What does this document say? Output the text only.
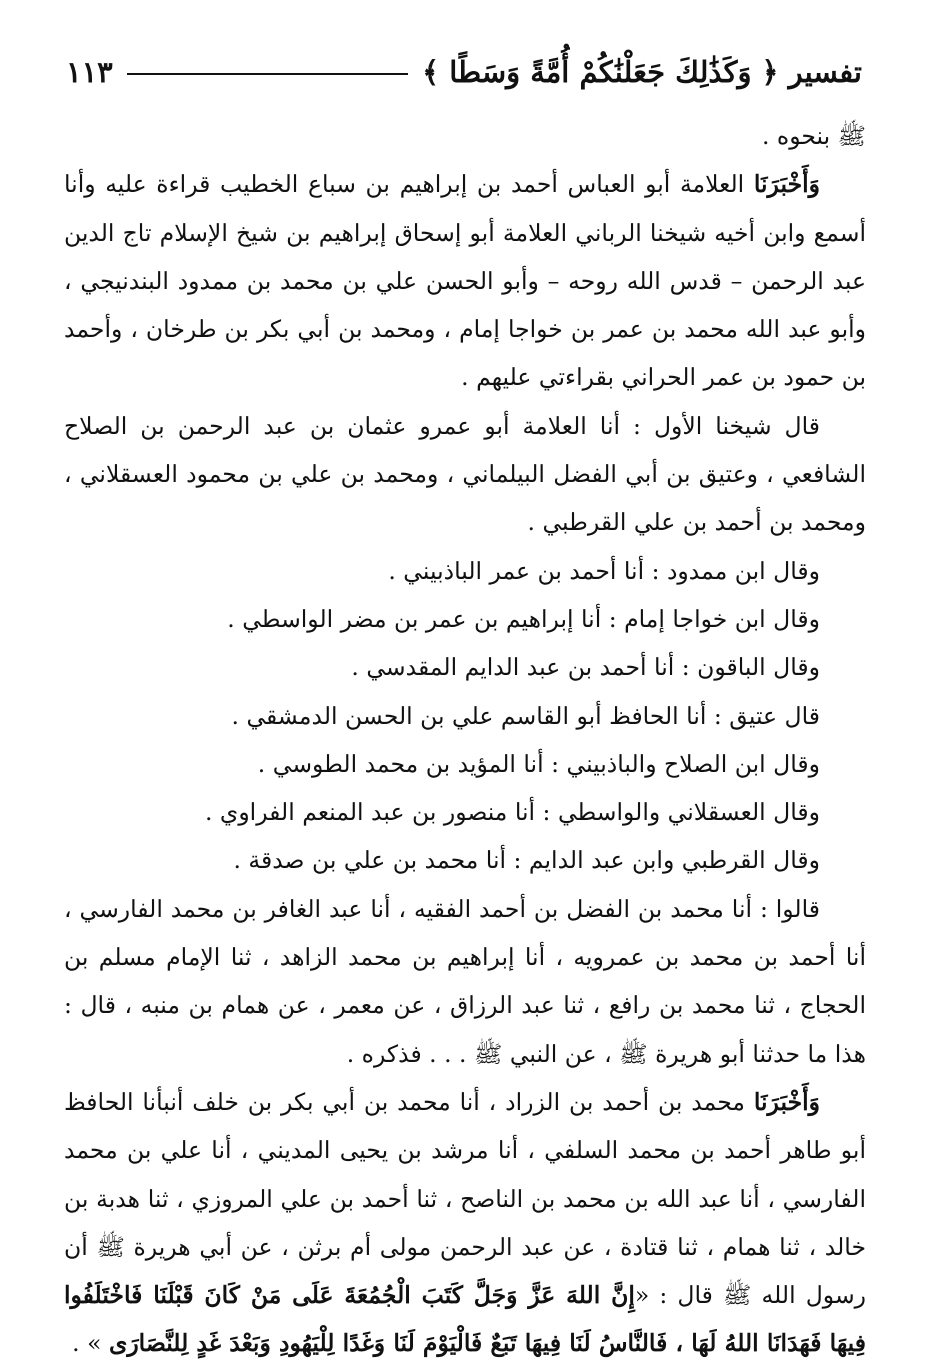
تفسير ﴿ وَكَذَٰلِكَ جَعَلْنَٰكُمْ أُمَّةً وَسَطًا ﴾
١١٣

ﷺ بنحوه .

وَأَخْبَرَنَا العلامة أبو العباس أحمد بن إبراهيم بن سباع الخطيب قراءة عليه وأنا أسمع وابن أخيه شيخنا الرباني العلامة أبو إسحاق إبراهيم بن شيخ الإسلام تاج الدين عبد الرحمن – قدس الله روحه – وأبو الحسن علي بن محمد بن ممدود البندنيجي ، وأبو عبد الله محمد بن عمر بن خواجا إمام ، ومحمد بن أبي بكر بن طرخان ، وأحمد بن حمود بن عمر الحراني بقراءتي عليهم .

قال شيخنا الأول : أنا العلامة أبو عمرو عثمان بن عبد الرحمن بن الصلاح الشافعي ، وعتيق بن أبي الفضل البيلماني ، ومحمد بن علي بن محمود العسقلاني ، ومحمد بن أحمد بن علي القرطبي .

وقال ابن ممدود : أنا أحمد بن عمر الباذبيني .

وقال ابن خواجا إمام : أنا إبراهيم بن عمر بن مضر الواسطي .

وقال الباقون : أنا أحمد بن عبد الدايم المقدسي .

قال عتيق : أنا الحافظ أبو القاسم علي بن الحسن الدمشقي .

وقال ابن الصلاح والباذبيني : أنا المؤيد بن محمد الطوسي .

وقال العسقلاني والواسطي : أنا منصور بن عبد المنعم الفراوي .

وقال القرطبي وابن عبد الدايم : أنا محمد بن علي بن صدقة .

قالوا : أنا محمد بن الفضل بن أحمد الفقيه ، أنا عبد الغافر بن محمد الفارسي ، أنا أحمد بن محمد بن عمرويه ، أنا إبراهيم بن محمد الزاهد ، ثنا الإمام مسلم بن الحجاج ، ثنا محمد بن رافع ، ثنا عبد الرزاق ، عن معمر ، عن همام بن منبه ، قال : هذا ما حدثنا أبو هريرة ﷺ ، عن النبي ﷺ . . . فذكره .

وَأَخْبَرَنَا محمد بن أحمد بن الزراد ، أنا محمد بن أبي بكر بن خلف أنبأنا الحافظ أبو طاهر أحمد بن محمد السلفي ، أنا مرشد بن يحيى المديني ، أنا علي بن محمد الفارسي ، أنا عبد الله بن محمد بن الناصح ، ثنا أحمد بن علي المروزي ، ثنا هدبة بن خالد ، ثنا همام ، ثنا قتادة ، عن عبد الرحمن مولى أم برثن ، عن أبي هريرة ﷺ أن رسول الله ﷺ قال : «إِنَّ اللهَ عَزَّ وَجَلَّ كَتَبَ الْجُمُعَةَ عَلَى مَنْ كَانَ قَبْلَنَا فَاخْتَلَفُوا فِيهَا فَهَدَانَا اللهُ لَهَا ، فَالنَّاسُ لَنَا فِيهَا تَبَعٌ فَالْيَوْمَ لَنَا وَغَدًا لِلْيَهُودِ وَبَعْدَ غَدٍ لِلنَّصَارَى » .
